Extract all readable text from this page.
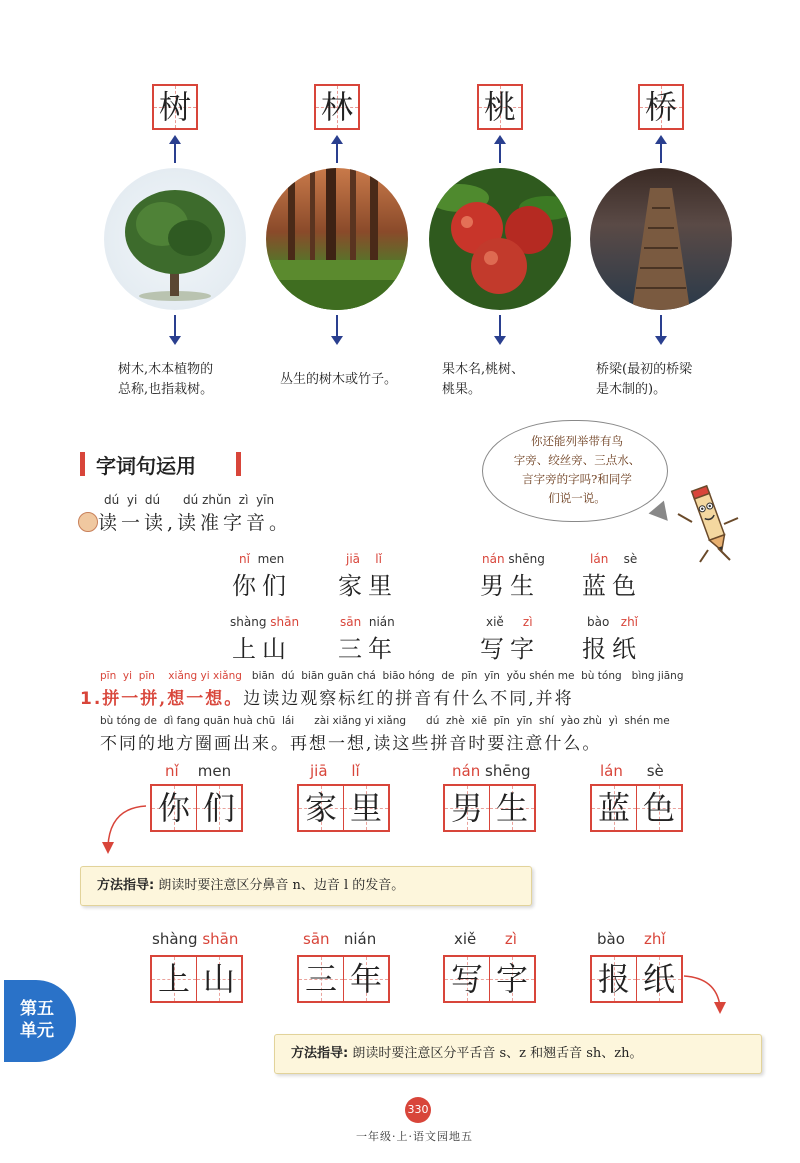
树	林	桃	桥
树木,木本植物的
总称,也指栽树。
丛生的树木或竹子。
果木名,桃树、
桃果。
桥梁(最初的桥梁
是木制的)。
字词句运用
你还能列举带有鸟
字旁、绞丝旁、三点水、
言字旁的字吗?和同学
们说一说。
dú  yi  dú      dú zhǔn  zì  yīn
读一读,读准字音。
nǐ men
你们
jiā lǐ
家里
nán shēng
男生
lán sè
蓝色
shàng shān
上山
sān nián
三年
xiě zì
写字
bào zhǐ
报纸
pīn  yi  pīn    xiǎng yi xiǎng biān  dú  biān guān chá  biāo hóng  de  pīn  yīn  yǒu shén me  bù tóng   bìng jiāng
1.拼一拼,想一想。边读边观察标红的拼音有什么不同,并将
bù tóng de  dì fang quān huà chū  lái      zài xiǎng yi xiǎng      dú  zhè  xiē  pīn  yīn  shí  yào zhù  yì  shén me
不同的地方圈画出来。再想一想,读这些拼音时要注意什么。
nǐ men
你 们
jiā lǐ
家 里
nán shēng
男 生
lán sè
蓝 色
方法指导: 朗读时要注意区分鼻音 n、边音 l 的发音。
shàng shān
上 山
sān nián
三 年
xiě zì
写 字
bào zhǐ
报 纸
第五
单元
方法指导: 朗读时要注意区分平舌音 s、z 和翘舌音 sh、zh。
330
一年级·上·语文园地五
